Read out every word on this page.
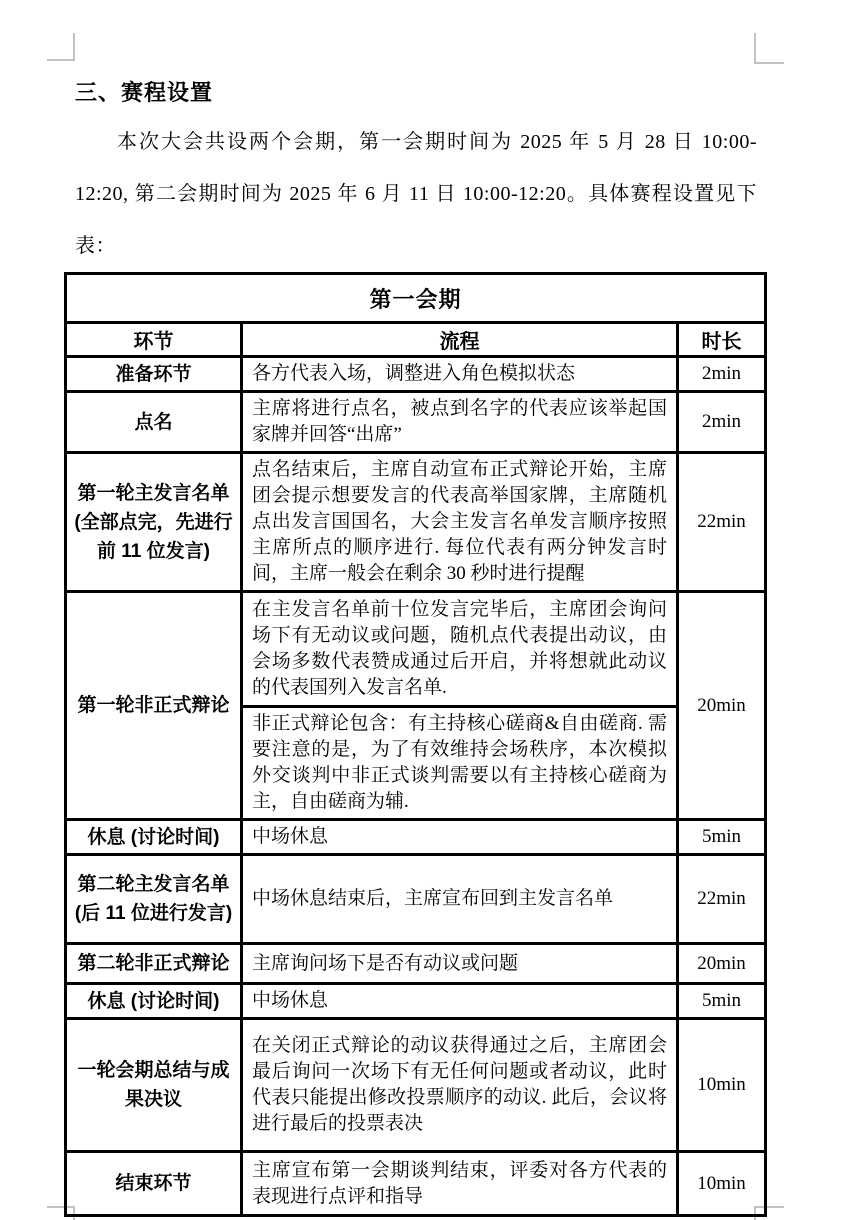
三、赛程设置

本次大会共设两个会期，第一会期时间为 2025 年 5 月 28 日 10:00-12:20, 第二会期时间为 2025 年 6 月 11 日 10:00-12:20。具体赛程设置见下表：

第一会期		
环节	流程	时长
准备环节	各方代表入场，调整进入角色模拟状态	2min
点名	主席将进行点名，被点到名字的代表应该举起国家牌并回答“出席”	2min
第一轮主发言名单(全部点完，先进行前 11 位发言)	点名结束后，主席自动宣布正式辩论开始，主席团会提示想要发言的代表高举国家牌，主席随机点出发言国国名，大会主发言名单发言顺序按照主席所点的顺序进行. 每位代表有两分钟发言时间，主席一般会在剩余 30 秒时进行提醒	22min
第一轮非正式辩论	在主发言名单前十位发言完毕后，主席团会询问场下有无动议或问题，随机点代表提出动议，由会场多数代表赞成通过后开启，并将想就此动议的代表国列入发言名单.	20min
	非正式辩论包含：有主持核心磋商&自由磋商. 需要注意的是，为了有效维持会场秩序，本次模拟外交谈判中非正式谈判需要以有主持核心磋商为主，自由磋商为辅.	
休息 (讨论时间)	中场休息	5min
第二轮主发言名单(后 11 位进行发言)	中场休息结束后，主席宣布回到主发言名单	22min
第二轮非正式辩论	主席询问场下是否有动议或问题	20min
休息 (讨论时间)	中场休息	5min
一轮会期总结与成果决议	在关闭正式辩论的动议获得通过之后，主席团会最后询问一次场下有无任何问题或者动议，此时代表只能提出修改投票顺序的动议. 此后，会议将进行最后的投票表决	10min
结束环节	主席宣布第一会期谈判结束，评委对各方代表的表现进行点评和指导	10min
